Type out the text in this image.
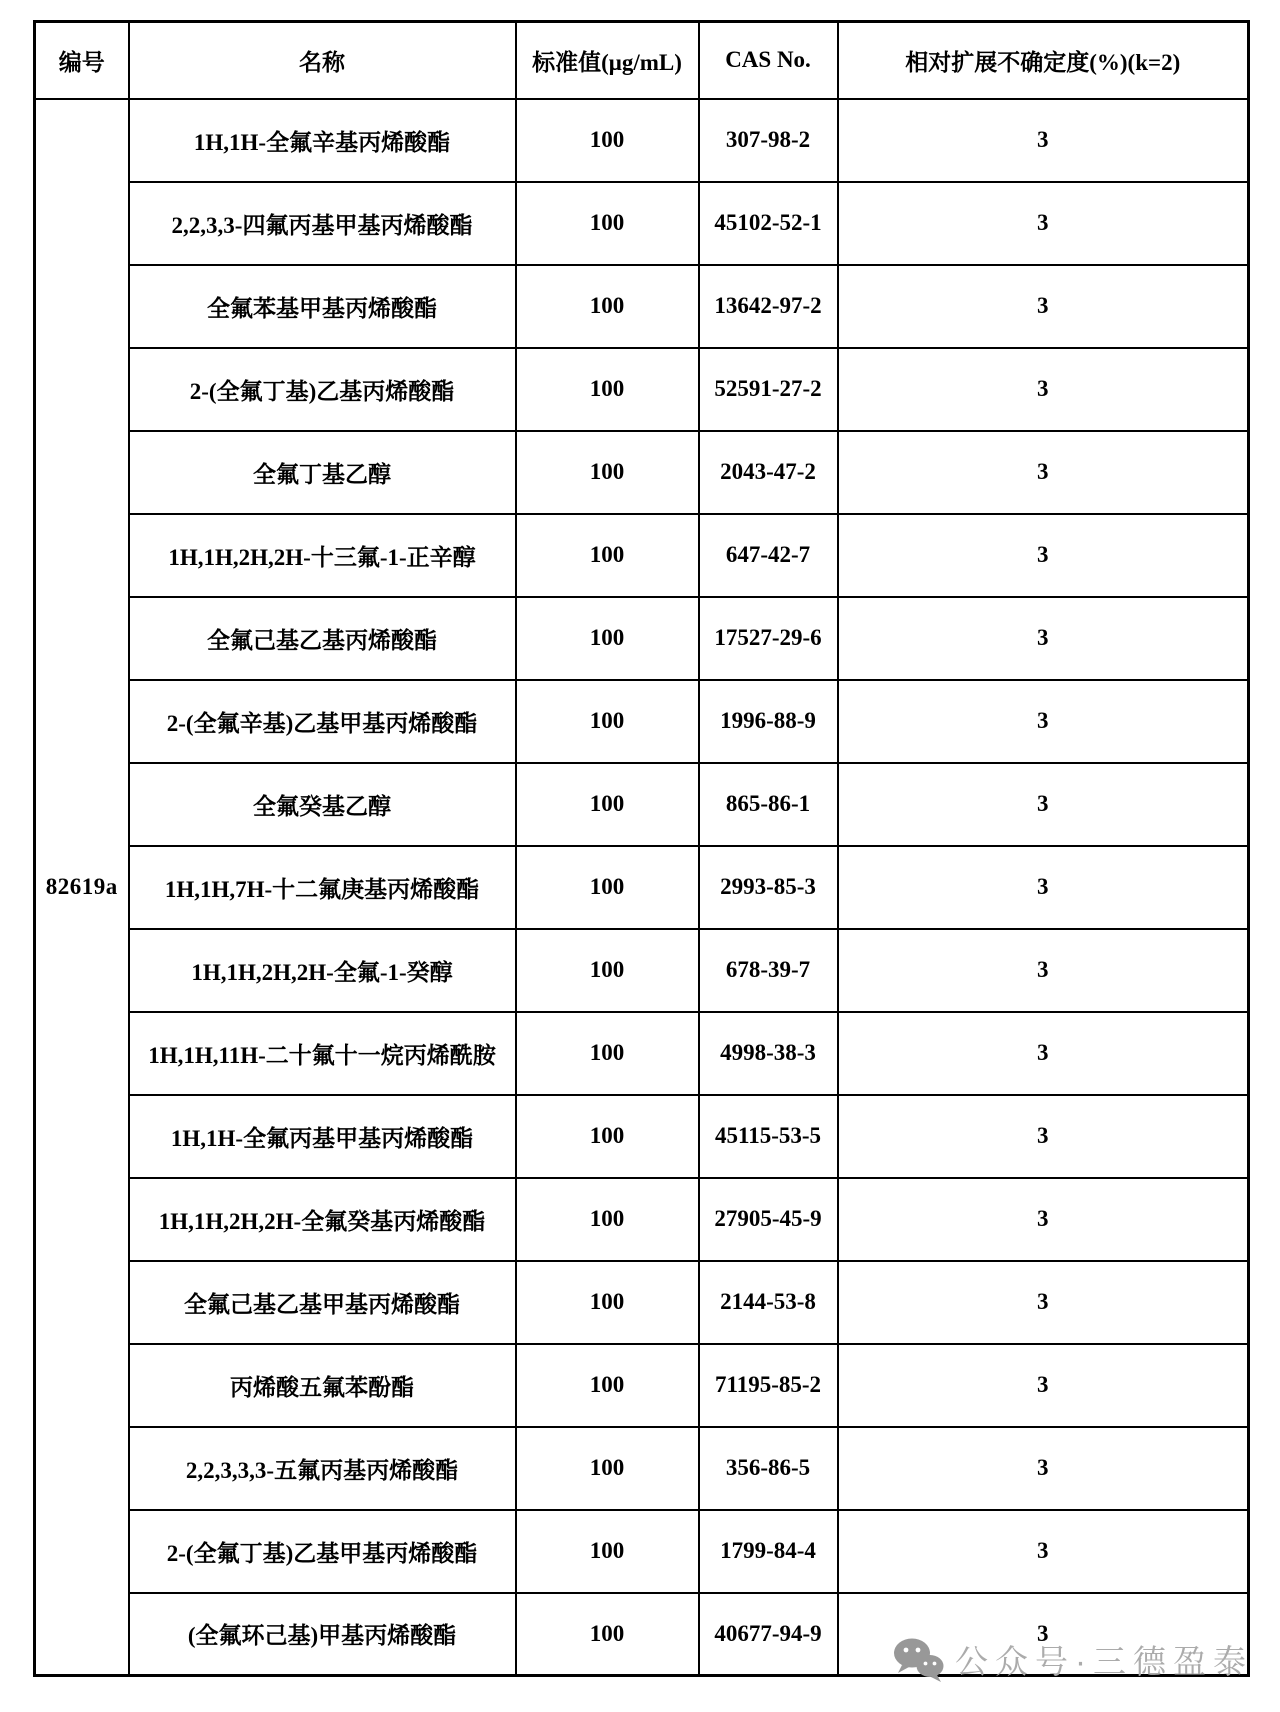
编号	名称	标准值(μg/mL)	CAS No.	相对扩展不确定度(%)(k=2)
82619a	1H,1H-全氟辛基丙烯酸酯	100	307-98-2	3
	2,2,3,3-四氟丙基甲基丙烯酸酯	100	45102-52-1	3
	全氟苯基甲基丙烯酸酯	100	13642-97-2	3
	2-(全氟丁基)乙基丙烯酸酯	100	52591-27-2	3
	全氟丁基乙醇	100	2043-47-2	3
	1H,1H,2H,2H-十三氟-1-正辛醇	100	647-42-7	3
	全氟己基乙基丙烯酸酯	100	17527-29-6	3
	2-(全氟辛基)乙基甲基丙烯酸酯	100	1996-88-9	3
	全氟癸基乙醇	100	865-86-1	3
	1H,1H,7H-十二氟庚基丙烯酸酯	100	2993-85-3	3
	1H,1H,2H,2H-全氟-1-癸醇	100	678-39-7	3
	1H,1H,11H-二十氟十一烷丙烯酰胺	100	4998-38-3	3
	1H,1H-全氟丙基甲基丙烯酸酯	100	45115-53-5	3
	1H,1H,2H,2H-全氟癸基丙烯酸酯	100	27905-45-9	3
	全氟己基乙基甲基丙烯酸酯	100	2144-53-8	3
	丙烯酸五氟苯酚酯	100	71195-85-2	3
	2,2,3,3,3-五氟丙基丙烯酸酯	100	356-86-5	3
	2-(全氟丁基)乙基甲基丙烯酸酯	100	1799-84-4	3
	(全氟环己基)甲基丙烯酸酯	100	40677-94-9	3
公众号·三德盈泰
